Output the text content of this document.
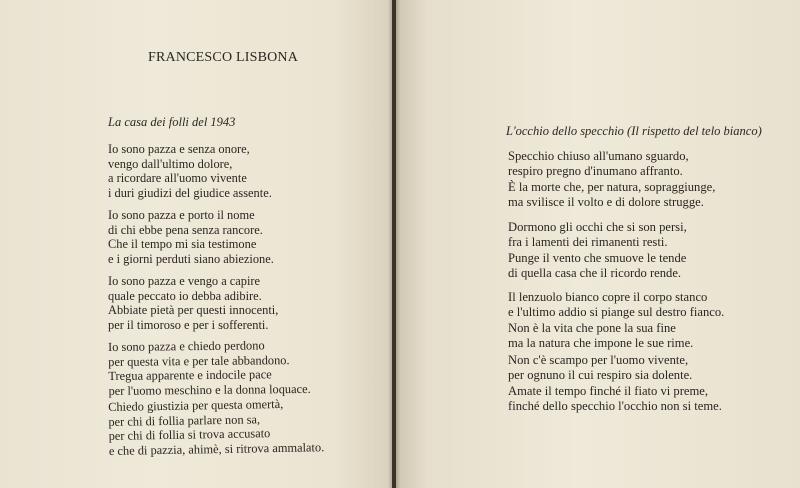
FRANCESCO LISBONA
La casa dei folli del 1943

Io sono pazza e senza onore,
vengo dall'ultimo dolore,
a ricordare all'uomo vivente
i duri giudizi del giudice assente.

Io sono pazza e porto il nome
di chi ebbe pena senza rancore.
Che il tempo mi sia testimone
e i giorni perduti siano abiezione.

Io sono pazza e vengo a capire
quale peccato io debba adibire.
Abbiate pietà per questi innocenti,
per il timoroso e per i sofferenti.

Io sono pazza e chiedo perdono
per questa vita e per tale abbandono.
Tregua apparente e indocile pace
per l'uomo meschino e la donna loquace.

Chiedo giustizia per questa omertà,
per chi di follia parlare non sa,
per chi di follia si trova accusato
e che di pazzia, ahimè, si ritrova ammalato.

L'occhio dello specchio (Il rispetto del telo bianco)

Specchio chiuso all'umano sguardo,
respiro pregno d'inumano affranto.
È la morte che, per natura, sopraggiunge,
ma svilisce il volto e di dolore strugge.

Dormono gli occhi che si son persi,
fra i lamenti dei rimanenti resti.
Punge il vento che smuove le tende
di quella casa che il ricordo rende.

Il lenzuolo bianco copre il corpo stanco
e l'ultimo addio si piange sul destro fianco.
Non è la vita che pone la sua fine
ma la natura che impone le sue rime.

Non c'è scampo per l'uomo vivente,
per ognuno il cui respiro sia dolente.
Amate il tempo finché il fiato vi preme,
finché dello specchio l'occhio non si teme.
